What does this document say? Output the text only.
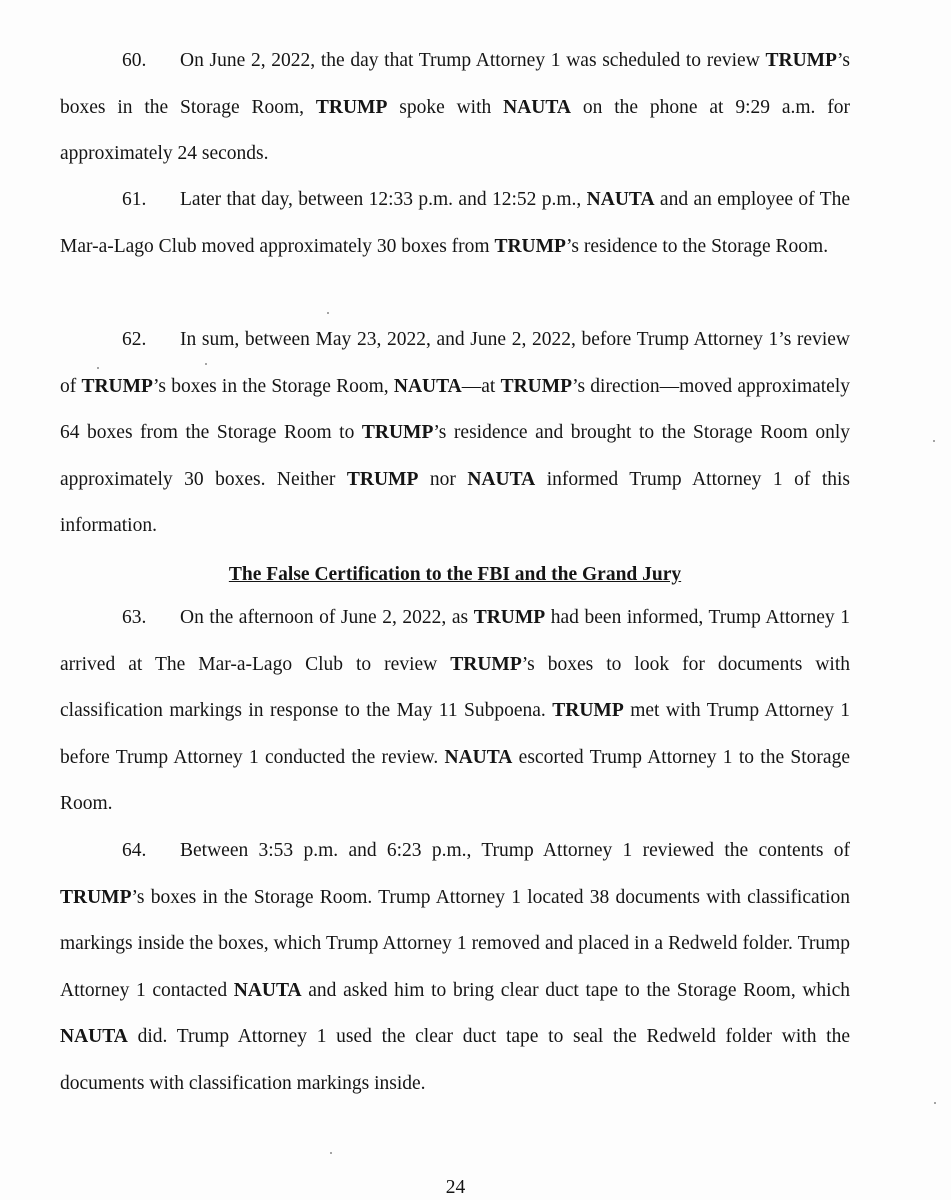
60. On June 2, 2022, the day that Trump Attorney 1 was scheduled to review TRUMP’s boxes in the Storage Room, TRUMP spoke with NAUTA on the phone at 9:29 a.m. for approximately 24 seconds.

61. Later that day, between 12:33 p.m. and 12:52 p.m., NAUTA and an employee of The Mar-a-Lago Club moved approximately 30 boxes from TRUMP’s residence to the Storage Room.

62. In sum, between May 23, 2022, and June 2, 2022, before Trump Attorney 1’s review of TRUMP’s boxes in the Storage Room, NAUTA—at TRUMP’s direction—moved approximately 64 boxes from the Storage Room to TRUMP’s residence and brought to the Storage Room only approximately 30 boxes. Neither TRUMP nor NAUTA informed Trump Attorney 1 of this information.

The False Certification to the FBI and the Grand Jury

63. On the afternoon of June 2, 2022, as TRUMP had been informed, Trump Attorney 1 arrived at The Mar-a-Lago Club to review TRUMP’s boxes to look for documents with classification markings in response to the May 11 Subpoena. TRUMP met with Trump Attorney 1 before Trump Attorney 1 conducted the review. NAUTA escorted Trump Attorney 1 to the Storage Room.

64. Between 3:53 p.m. and 6:23 p.m., Trump Attorney 1 reviewed the contents of TRUMP’s boxes in the Storage Room. Trump Attorney 1 located 38 documents with classification markings inside the boxes, which Trump Attorney 1 removed and placed in a Redweld folder. Trump Attorney 1 contacted NAUTA and asked him to bring clear duct tape to the Storage Room, which NAUTA did. Trump Attorney 1 used the clear duct tape to seal the Redweld folder with the documents with classification markings inside.

24
